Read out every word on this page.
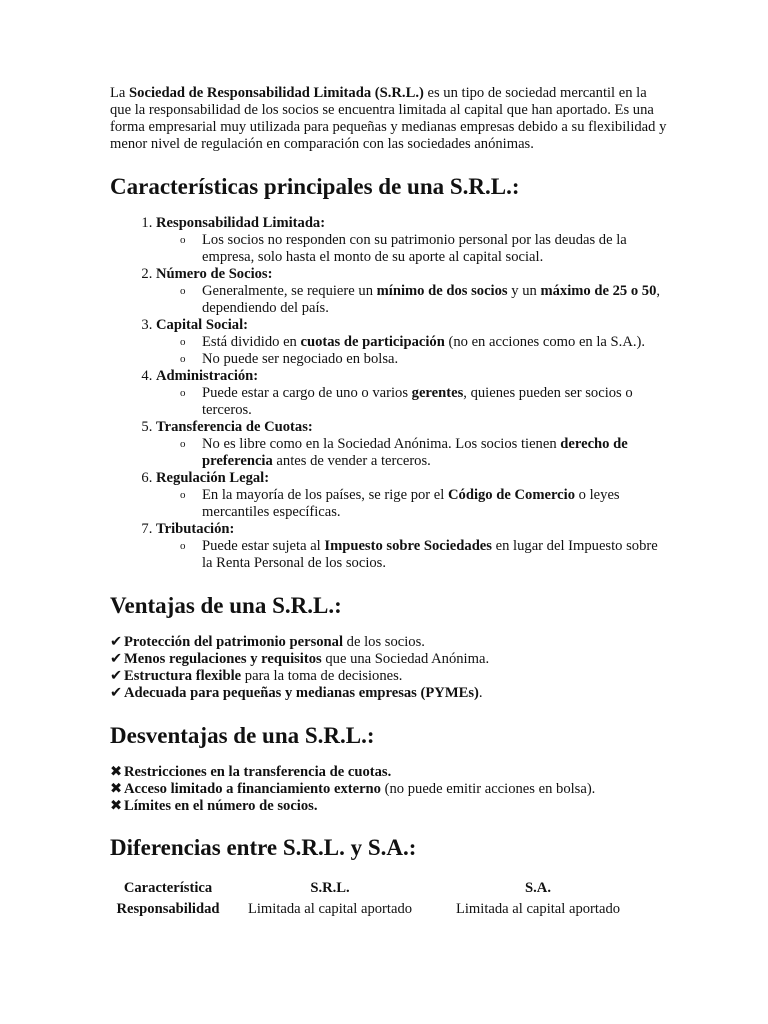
La Sociedad de Responsabilidad Limitada (S.R.L.) es un tipo de sociedad mercantil en la que la responsabilidad de los socios se encuentra limitada al capital que han aportado. Es una forma empresarial muy utilizada para pequeñas y medianas empresas debido a su flexibilidad y menor nivel de regulación en comparación con las sociedades anónimas.

Características principales de una S.R.L.:
1. Responsabilidad Limitada:
o Los socios no responden con su patrimonio personal por las deudas de la empresa, solo hasta el monto de su aporte al capital social.
2. Número de Socios:
o Generalmente, se requiere un mínimo de dos socios y un máximo de 25 o 50, dependiendo del país.
3. Capital Social:
o Está dividido en cuotas de participación (no en acciones como en la S.A.).
o No puede ser negociado en bolsa.
4. Administración:
o Puede estar a cargo de uno o varios gerentes, quienes pueden ser socios o terceros.
5. Transferencia de Cuotas:
o No es libre como en la Sociedad Anónima. Los socios tienen derecho de preferencia antes de vender a terceros.
6. Regulación Legal:
o En la mayoría de los países, se rige por el Código de Comercio o leyes mercantiles específicas.
7. Tributación:
o Puede estar sujeta al Impuesto sobre Sociedades en lugar del Impuesto sobre la Renta Personal de los socios.
Ventajas de una S.R.L.:
✔ Protección del patrimonio personal de los socios.
✔ Menos regulaciones y requisitos que una Sociedad Anónima.
✔ Estructura flexible para la toma de decisiones.
✔ Adecuada para pequeñas y medianas empresas (PYMEs).
Desventajas de una S.R.L.:
✖ Restricciones en la transferencia de cuotas.
✖ Acceso limitado a financiamiento externo (no puede emitir acciones en bolsa).
✖ Límites en el número de socios.
Diferencias entre S.R.L. y S.A.:
Característica	S.R.L.	S.A.
Responsabilidad	Limitada al capital aportado	Limitada al capital aportado
